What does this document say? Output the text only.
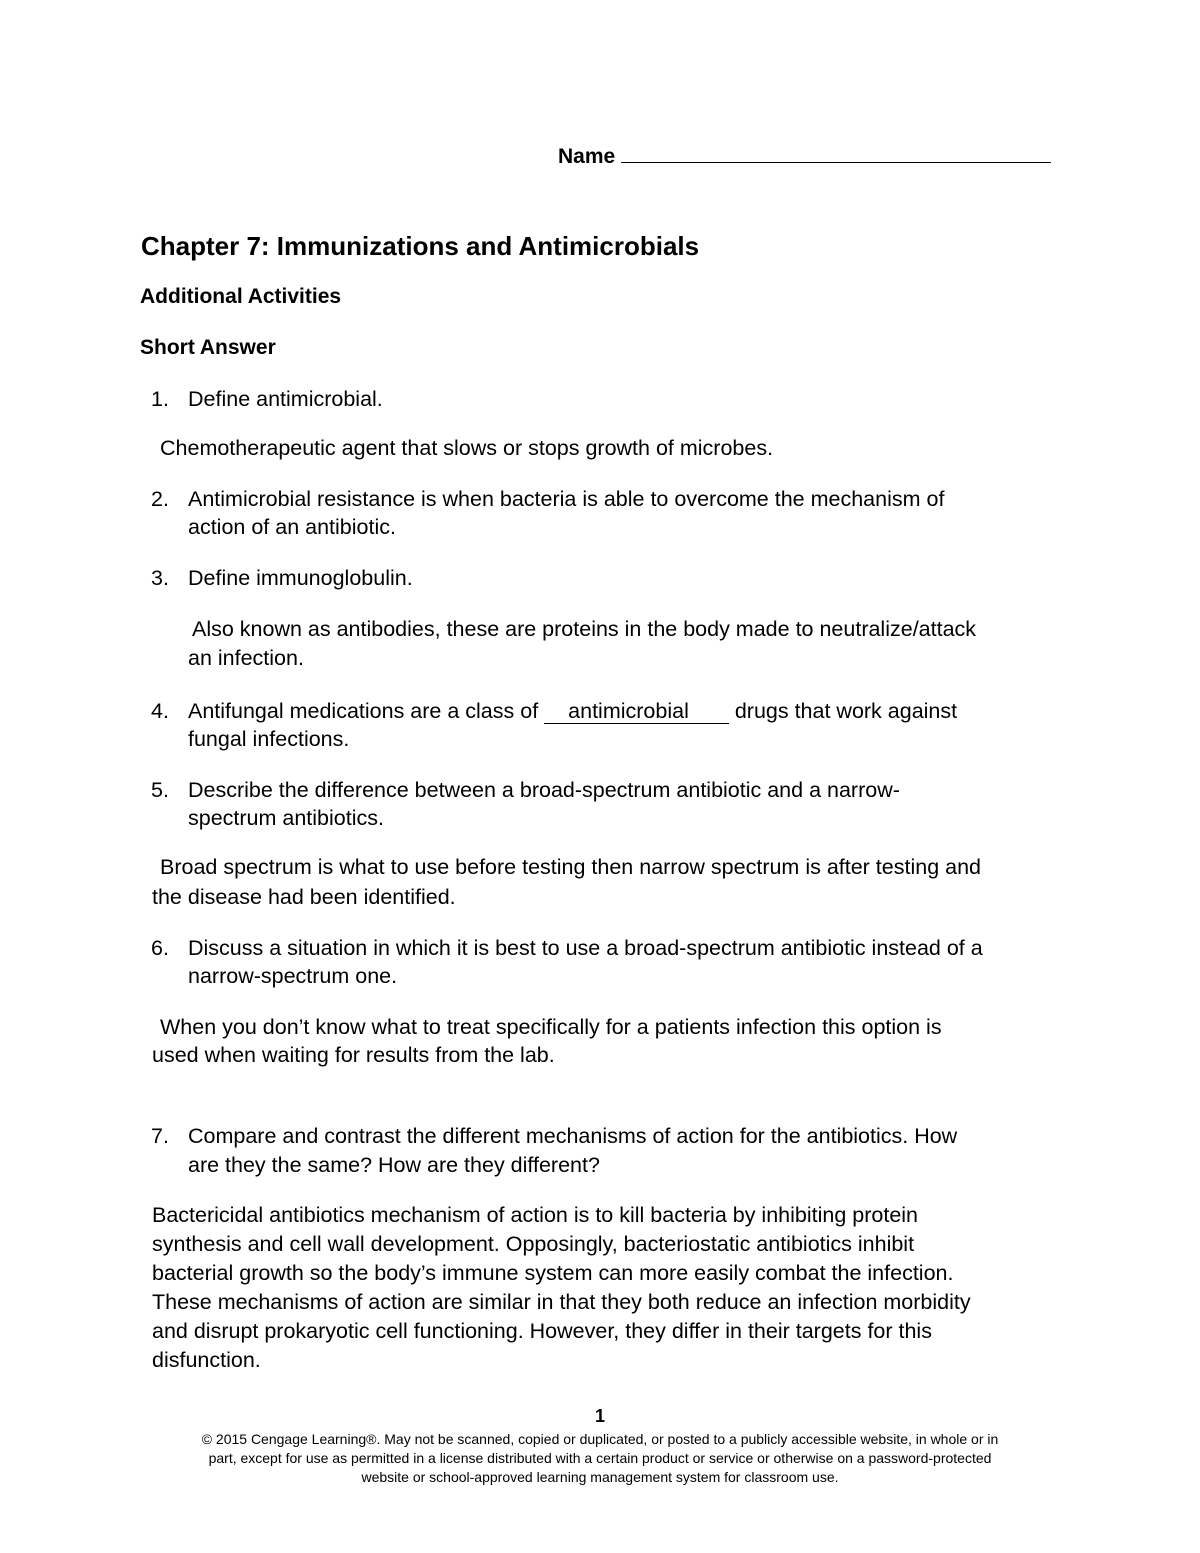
Name
Chapter 7: Immunizations and Antimicrobials
Additional Activities
Short Answer
1. Define antimicrobial.
Chemotherapeutic agent that slows or stops growth of microbes.
2. Antimicrobial resistance is when bacteria is able to overcome the mechanism of
action of an antibiotic.
3. Define immunoglobulin.
Also known as antibodies, these are proteins in the body made to neutralize/attack
an infection.
4. Antifungal medications are a class of antimicrobial drugs that work against
fungal infections.
5. Describe the difference between a broad-spectrum antibiotic and a narrow-
spectrum antibiotics.
Broad spectrum is what to use before testing then narrow spectrum is after testing and
the disease had been identified.
6. Discuss a situation in which it is best to use a broad-spectrum antibiotic instead of a
narrow-spectrum one.
When you don’t know what to treat specifically for a patients infection this option is
used when waiting for results from the lab.
7. Compare and contrast the different mechanisms of action for the antibiotics. How
are they the same? How are they different?
Bactericidal antibiotics mechanism of action is to kill bacteria by inhibiting protein
synthesis and cell wall development. Opposingly, bacteriostatic antibiotics inhibit
bacterial growth so the body’s immune system can more easily combat the infection.
These mechanisms of action are similar in that they both reduce an infection morbidity
and disrupt prokaryotic cell functioning. However, they differ in their targets for this
disfunction.
1
© 2015 Cengage Learning®. May not be scanned, copied or duplicated, or posted to a publicly accessible website, in whole or in
part, except for use as permitted in a license distributed with a certain product or service or otherwise on a password-protected
website or school-approved learning management system for classroom use.
